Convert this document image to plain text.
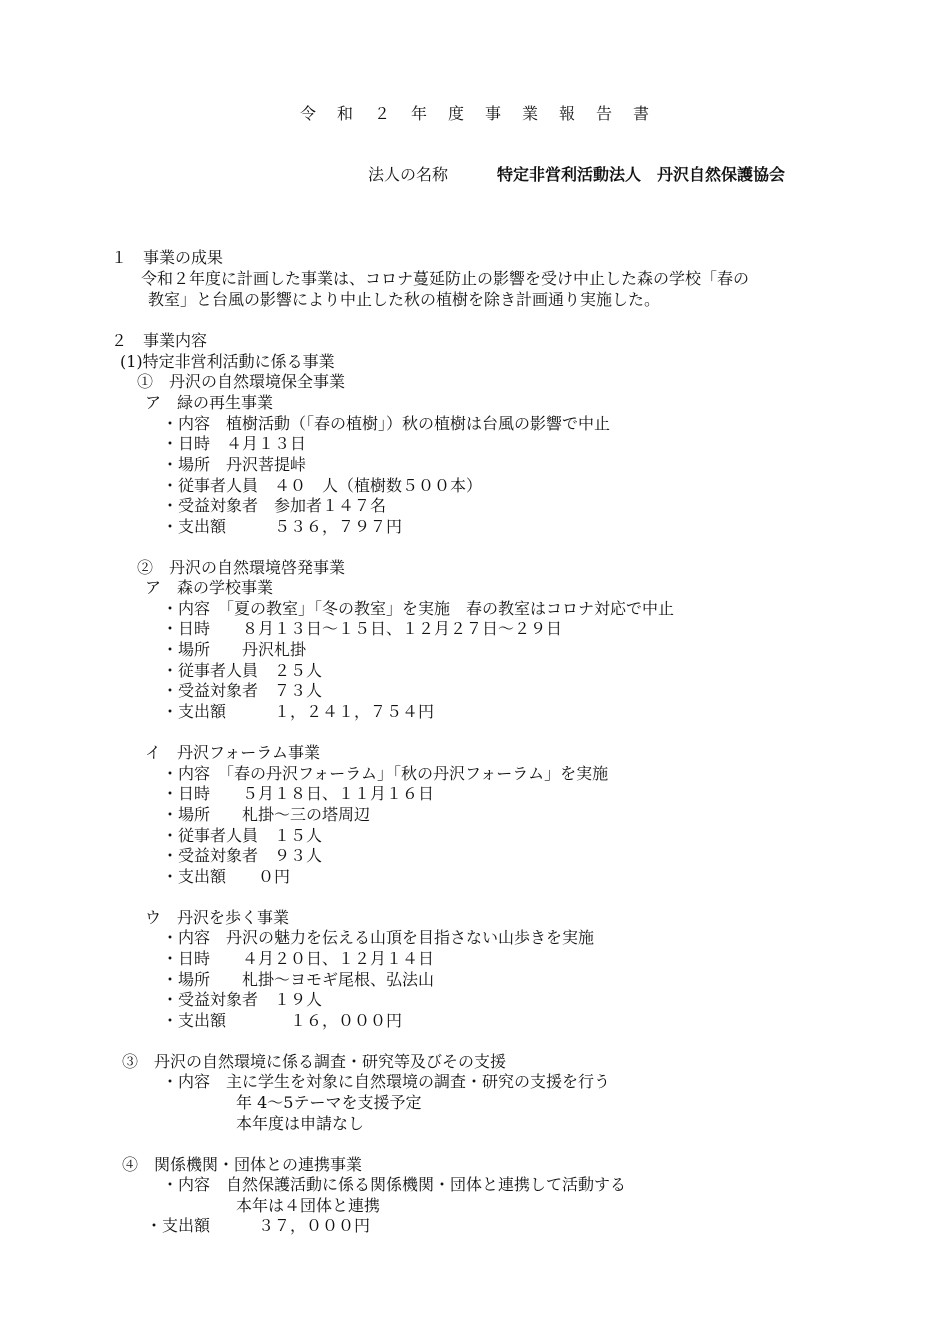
令和２年度事業報告書
法人の名称	特定非営利活動法人　丹沢自然保護協会
１　事業の成果
令和２年度に計画した事業は、コロナ蔓延防止の影響を受け中止した森の学校「春の
教室」と台風の影響により中止した秋の植樹を除き計画通り実施した。
２　事業内容
(1)特定非営利活動に係る事業
①　丹沢の自然環境保全事業
ア　緑の再生事業
・内容　植樹活動（「春の植樹」）秋の植樹は台風の影響で中止
・日時　４月１３日
・場所　丹沢菩提峠
・従事者人員　４０　人（植樹数５００本）
・受益対象者　参加者１４７名
・支出額　　　５３６，７９７円
②　丹沢の自然環境啓発事業
ア　森の学校事業
・内容　「夏の教室」「冬の教室」を実施　春の教室はコロナ対応で中止
・日時　　８月１３日～１５日、１２月２７日～２９日
・場所　　丹沢札掛
・従事者人員　２５人
・受益対象者　７３人
・支出額　　　１，２４１，７５４円
イ　丹沢フォーラム事業
・内容　「春の丹沢フォーラム」「秋の丹沢フォーラム」を実施
・日時　　５月１８日、１１月１６日
・場所　　札掛～三の塔周辺
・従事者人員　１５人
・受益対象者　９３人
・支出額　　０円
ウ　丹沢を歩く事業
・内容　丹沢の魅力を伝える山頂を目指さない山歩きを実施
・日時　　４月２０日、１２月１４日
・場所　　札掛～ヨモギ尾根、弘法山
・受益対象者　１９人
・支出額　　　　１６，０００円
③　丹沢の自然環境に係る調査・研究等及びその支援
・内容　主に学生を対象に自然環境の調査・研究の支援を行う
年 4～5テーマを支援予定
本年度は申請なし
④　関係機関・団体との連携事業
・内容　自然保護活動に係る関係機関・団体と連携して活動する
本年は４団体と連携
・支出額　　　３７，０００円
